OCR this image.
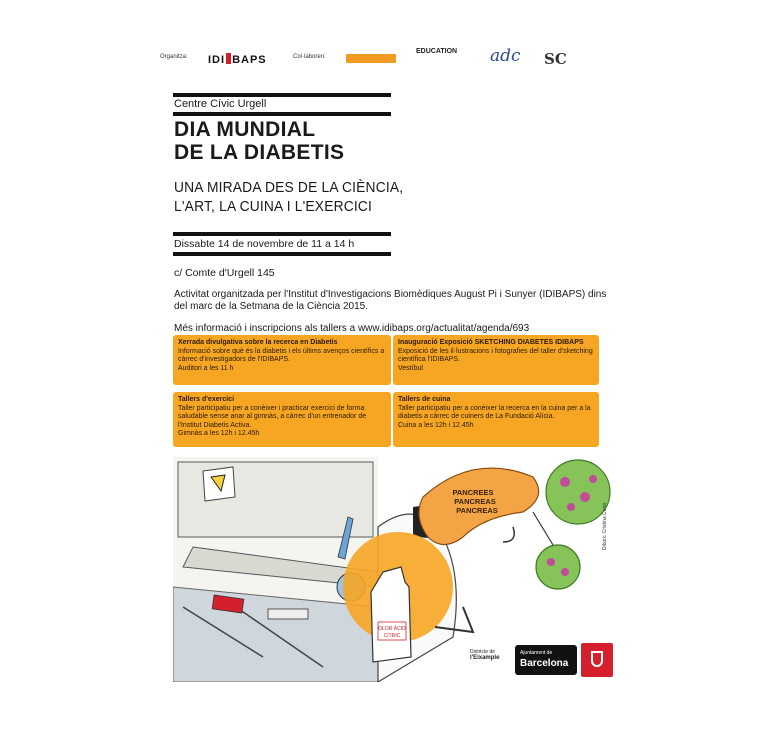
Organitza: IDI BAPS	Col·laboren:
EDUCATION adc SC
Centre Cívic Urgell
DIA MUNDIAL
DE LA DIABETIS
UNA MIRADA DES DE LA CIÈNCIA,
L'ART, LA CUINA I L'EXERCICI
Dissabte 14 de novembre de 11 a 14 h
c/ Comte d'Urgell 145
Activitat organitzada per l'Institut d'Investigacions Biomèdiques August Pi i Sunyer (IDIBAPS) dins del marc de la Setmana de la Ciència 2015.
Més informació i inscripcions als tallers a www.idibaps.org/actualitat/agenda/693
Xerrada divulgativa sobre la recerca en Diabetis
Informació sobre què és la diabetis i els últims avenços científics a càrrec d'investigadors de l'IDIBAPS.
Auditori a les 11 h
Inauguració Exposició SKETCHING DIABETES IDIBAPS
Exposició de les il·lustracions i fotografies del taller d'sketching científica l'IDIBAPS.
Vestíbul
Tallers d'exercici
Taller participatiu per a conèixer i practicar exercici de forma saludable sense anar al gimnàs, a càrrec d'un entrenador de l'Institut Diabetis Activa.
Gimnàs a les 12h i 12.45h
Tallers de cuina
Taller participatiu per a conèixer la recerca en la cuina per a la diabetis a càrrec de cuiners de La Fundació Alícia.
Cuina a les 12h i 12.45h
OLOR ÀCID
CÍTRIC
PANCREES
PANCREAS
PANCREAS	Dibuix: Cristina Curto
Districte de
l'Eixample
Ajuntament de
Barcelona
